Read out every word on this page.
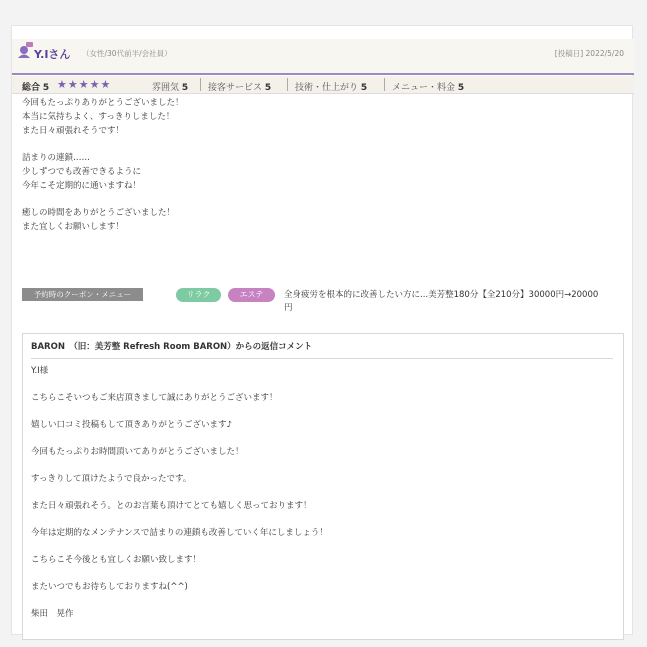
Y.Iさん （女性/30代前半/会社員）	[投稿日] 2022/5/20
総合 5 ★★★★★	雰囲気 5 接客サービス 5	技術・仕上がり 5	メニュー・料金 5

今回もたっぷりありがとうございました！

本当に気持ちよく、すっきりしました！

また日々頑張れそうです！

詰まりの連鎖……

少しずつでも改善できるように

今年こそ定期的に通いますね！

癒しの時間をありがとうございました！

また宜しくお願いします！

予約時のクーポン・メニュー	リラク	エステ	全身疲労を根本的に改善したい方に...美芳整180分【全210分】30000円→20000
円
BARON　（旧：美芳整 Refresh Room BARON）からの返信コメント

Y.I様

こちらこそいつもご来店頂きまして誠にありがとうございます！

嬉しい口コミ投稿もして頂きありがとうございます♪

今回もたっぷりお時間頂いてありがとうございました！

すっきりして頂けたようで良かったです。

また日々頑張れそう。とのお言葉も頂けてとても嬉しく思っております！

今年は定期的なメンテナンスで詰まりの連鎖も改善していく年にしましょう！

こちらこそ今後とも宜しくお願い致します！

またいつでもお待ちしておりますね(^^)

柴田　晃作
